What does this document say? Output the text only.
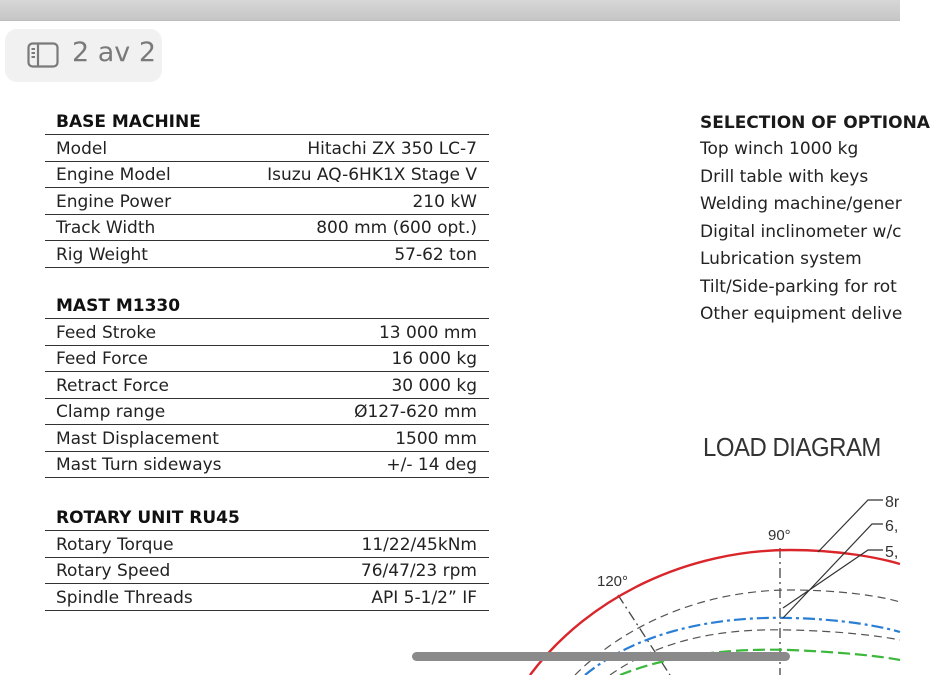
2 av 2
BASE MACHINE
Model	Hitachi ZX 350 LC-7
Engine Model	Isuzu AQ-6HK1X Stage V
Engine Power	210 kW
Track Width	800 mm (600 opt.)
Rig Weight	57-62 ton
MAST M1330
Feed Stroke	13 000 mm
Feed Force	16 000 kg
Retract Force	30 000 kg
Clamp range	Ø127-620 mm
Mast Displacement	1500 mm
Mast Turn sideways	+/- 14 deg
ROTARY UNIT RU45
Rotary Torque	11/22/45kNm
Rotary Speed	76/47/23 rpm
Spindle Threads	API 5-1/2” IF
SELECTION OF OPTIONA
Top winch 1000 kg
Drill table with keys
Welding machine/gener
Digital inclinometer w/c
Lubrication system
Tilt/Side-parking for rot
Other equipment delive
LOAD DIAGRAM
90°
120°
8r
6,
5,
